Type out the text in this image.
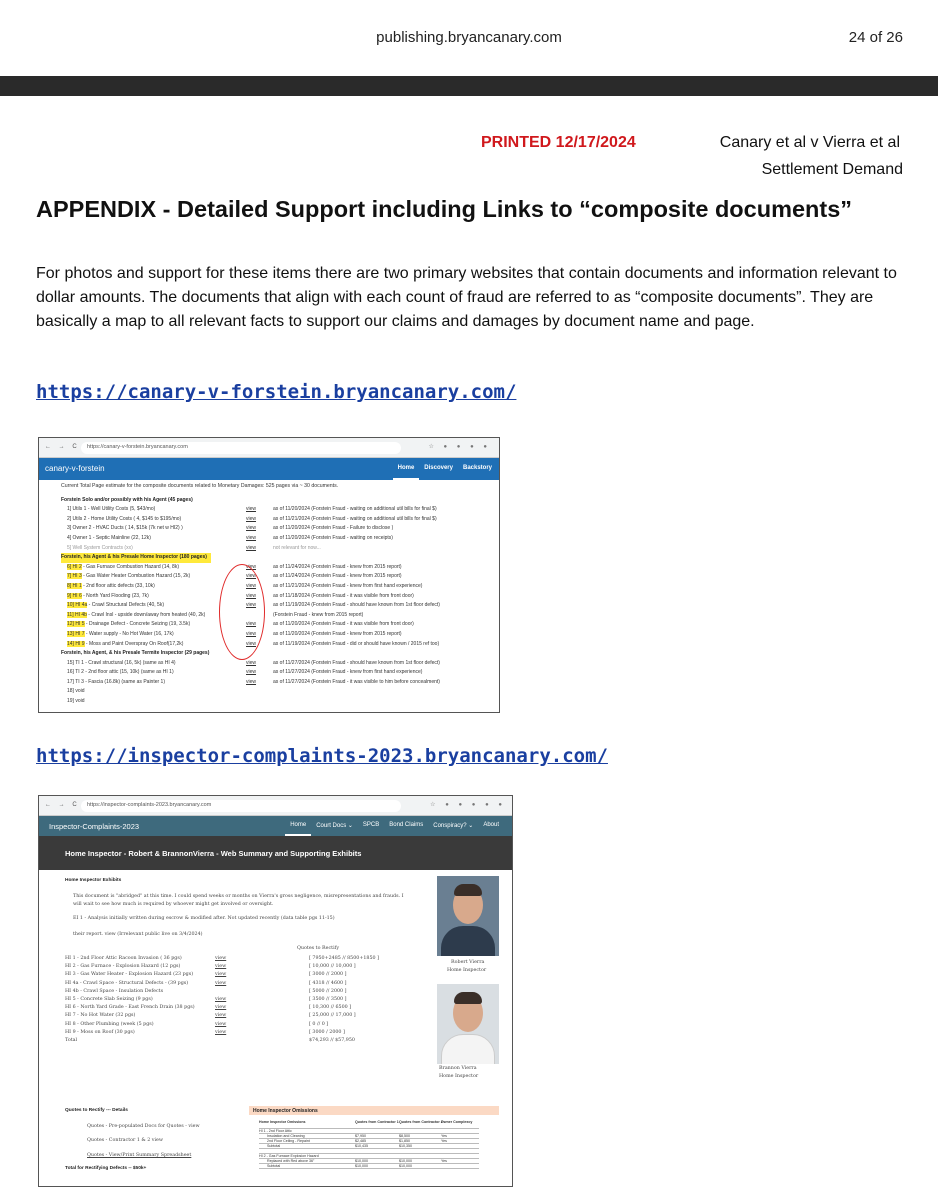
publishing.bryancanary.com	24 of 26
PRINTED 12/17/2024	Canary et al v Vierra et al
Settlement Demand
APPENDIX - Detailed Support including Links to “composite documents”
For photos and support for these items there are two primary websites that contain documents and information relevant to dollar amounts. The documents that align with each count of fraud are referred to as “composite documents”. They are basically a map to all relevant facts to support our claims and damages by document name and page.
https://canary-v-forstein.bryancanary.com/
← → C	https://canary-v-forstein.bryancanary.com	☆ ● ● ● ●
canary-v-forstein	Home	Discovery	Backstory
Current Total Page estimate for the composite documents related to Monetary Damages: 525 pages via ~ 30 documents.
Forstein Solo and/or possibly with his Agent (45 pages)
1] Utils 1 - Well Utility Costs (5, $43/mo)	view	as of 11/20/2024 (Forstein Fraud - waiting on additional util bills for final $)
2] Utils 2 - Home Utility Costs ( 4, $145 to $195/mo)	view	as of 11/21/2024 (Forstein Fraud - waiting on additional util bills for final $)
3] Owner 2 - HVAC Ducts ( 14, $15k (7k net w HI2) )	view	as of 11/20/2024 (Forstein Fraud - Failure to disclose )
4] Owner 1 - Septic Mainline (22, 12k)	view	as of 11/20/2024 (Forstein Fraud - waiting on receipts)
5] Well System Contracts (xx)	view	not relevant for now...
Forstein, his Agent & his Presale Home Inspector (180 pages)
6] HI 2 - Gas Furnace Combustion Hazard (14, 8k)	view	as of 11/24/2024 (Forstein Fraud - knew from 2015 report)
7] HI 3 - Gas Water Heater Combustion Hazard (15, 2k)	view	as of 11/24/2024 (Forstein Fraud - knew from 2015 report)
8] HI 1 - 2nd floor attic defects (33, 10k)	view	as of 11/21/2024 (Forstein Fraud - knew from first hand experience)
9] HI 6 - North Yard Flooding (23, 7k)	view	as of 11/18/2024 (Forstein Fraud - it was visible from front door)
10] HI 4a - Crawl Structural Defects (40, 5k)	view	as of 11/19/2024 (Forstein Fraud - should have known from 1st floor defect)
11] HI 4b - Crawl Insl - upside down/away from heated (40, 2k)	(Forstein Fraud - knew from 2015 report)
12] HI 5 - Drainage Defect - Concrete Seizing (19, 3.5k)	view	as of 11/20/2024 (Forstein Fraud - it was visible from front door)
13] HI 7 - Water supply - No Hot Water (16, 17k)	view	as of 11/20/2024 (Forstein Fraud - knew from 2015 report)
14] HI 9 - Moss and Paint Overspray On Roof(17,2k)	view	as of 11/19/2024 (Forstein Fraud - did or should have known / 2015 ref too)
Forstein, his Agent, & his Presale Termite Inspector (29 pages)
15] TI 1 - Crawl structural (16, 5k) (same as HI 4)	view	as of 11/27/2024 (Forstein Fraud - should have known from 1st floor defect)
16] TI 2 - 2nd floor attic (15, 10k) (same as HI 1)	view	as of 11/27/2024 (Forstein Fraud - knew from first hand experience)
17] TI 3 - Fascia (16.8k) (same as Painter 1)	view	as of 11/27/2024 (Forstein Fraud - it was visible to him before concealment)
18] void
19] void
https://inspector-complaints-2023.bryancanary.com/
← → C	https://inspector-complaints-2023.bryancanary.com	☆ ● ● ● ● ●
Inspector-Complaints-2023	Home	Court Docs ⌄	SPCB	Bond Claims	Conspiracy? ⌄	About
Home Inspector - Robert & BrannonVierra - Web Summary and Supporting Exhibits
Home Inspector Exhibits
This document is "abridged" at this time. I could spend weeks or months on Vierra's gross negligence, misrepresentations and frauds. I
will wait to see how much is required by whoever might get involved or oversight.
EI 1 - Analysis initially written during escrow & modified after. Not updated recently (data table pgs 11-15)
their report. view (Irrelevant public live on 3/4/2024)
Quotes to Rectify
HI 1 - 2nd Floor Attic Racoon Invasion ( 36 pgs)	view	[ 7950+2485 // 8500+1850 ]
HI 2 - Gas Furnace - Explosion Hazard (12 pgs)	view	[ 10,000 // 10,000 ]
HI 3 - Gas Water Heater - Explosion Hazard (23 pgs)	view	[ 3000 // 2000 ]
HI 4a - Crawl Space - Structural Defects - (39 pgs)	view	[ 4318 // 4600 ]
HI 4b - Crawl Space - Insulation Defects	[ 5000 // 2000 ]
HI 5 - Concrete Slab Seizing (9 pgs)	view	[ 3500 // 3500 ]
HI 6 - North Yard Grade - East French Drain (38 pgs)	view	[ 10,300 // 6500 ]
HI 7 - No Hot Water (32 pgs)	view	[ 25,000 // 17,000 ]
HI 8 - Other Plumbing (week (5 pgs)	view	[ 0 // 0 ]
HI 9 - Moss on Roof (30 pgs)	view	[ 3000 / 2000 ]
Total	$74,293 // $57,950
Robert Vierra
Home Inspector
Brannon Vierra
Home Inspector
Quotes to Rectify --- Details
Quotes - Pre-populated Docs for Quotes - view
Quotes - Contractor 1 & 2 view
Quotes - View/Print Summary Spreadsheet
Total for Rectifying Defects -- $50k+
Home Inspector Omissions
Home Inspector Omissions	Quotes from Contractor 1 Quotes from Contractor 2
Owner Complexcy
HI 1 - 2nd Floor Attic
Insulation and Cleaning	$7,950	$8,500	Yes
2nd Floor Ceiling - Repaint	$2,485	$1,850	Yes
Subtotal	$10,435	$10,350
HI 2 - Gas Furnace Explosion Hazard
Replaced with Red above 36"	$10,000	$10,000	Yes
Subtotal	$10,000	$10,000
